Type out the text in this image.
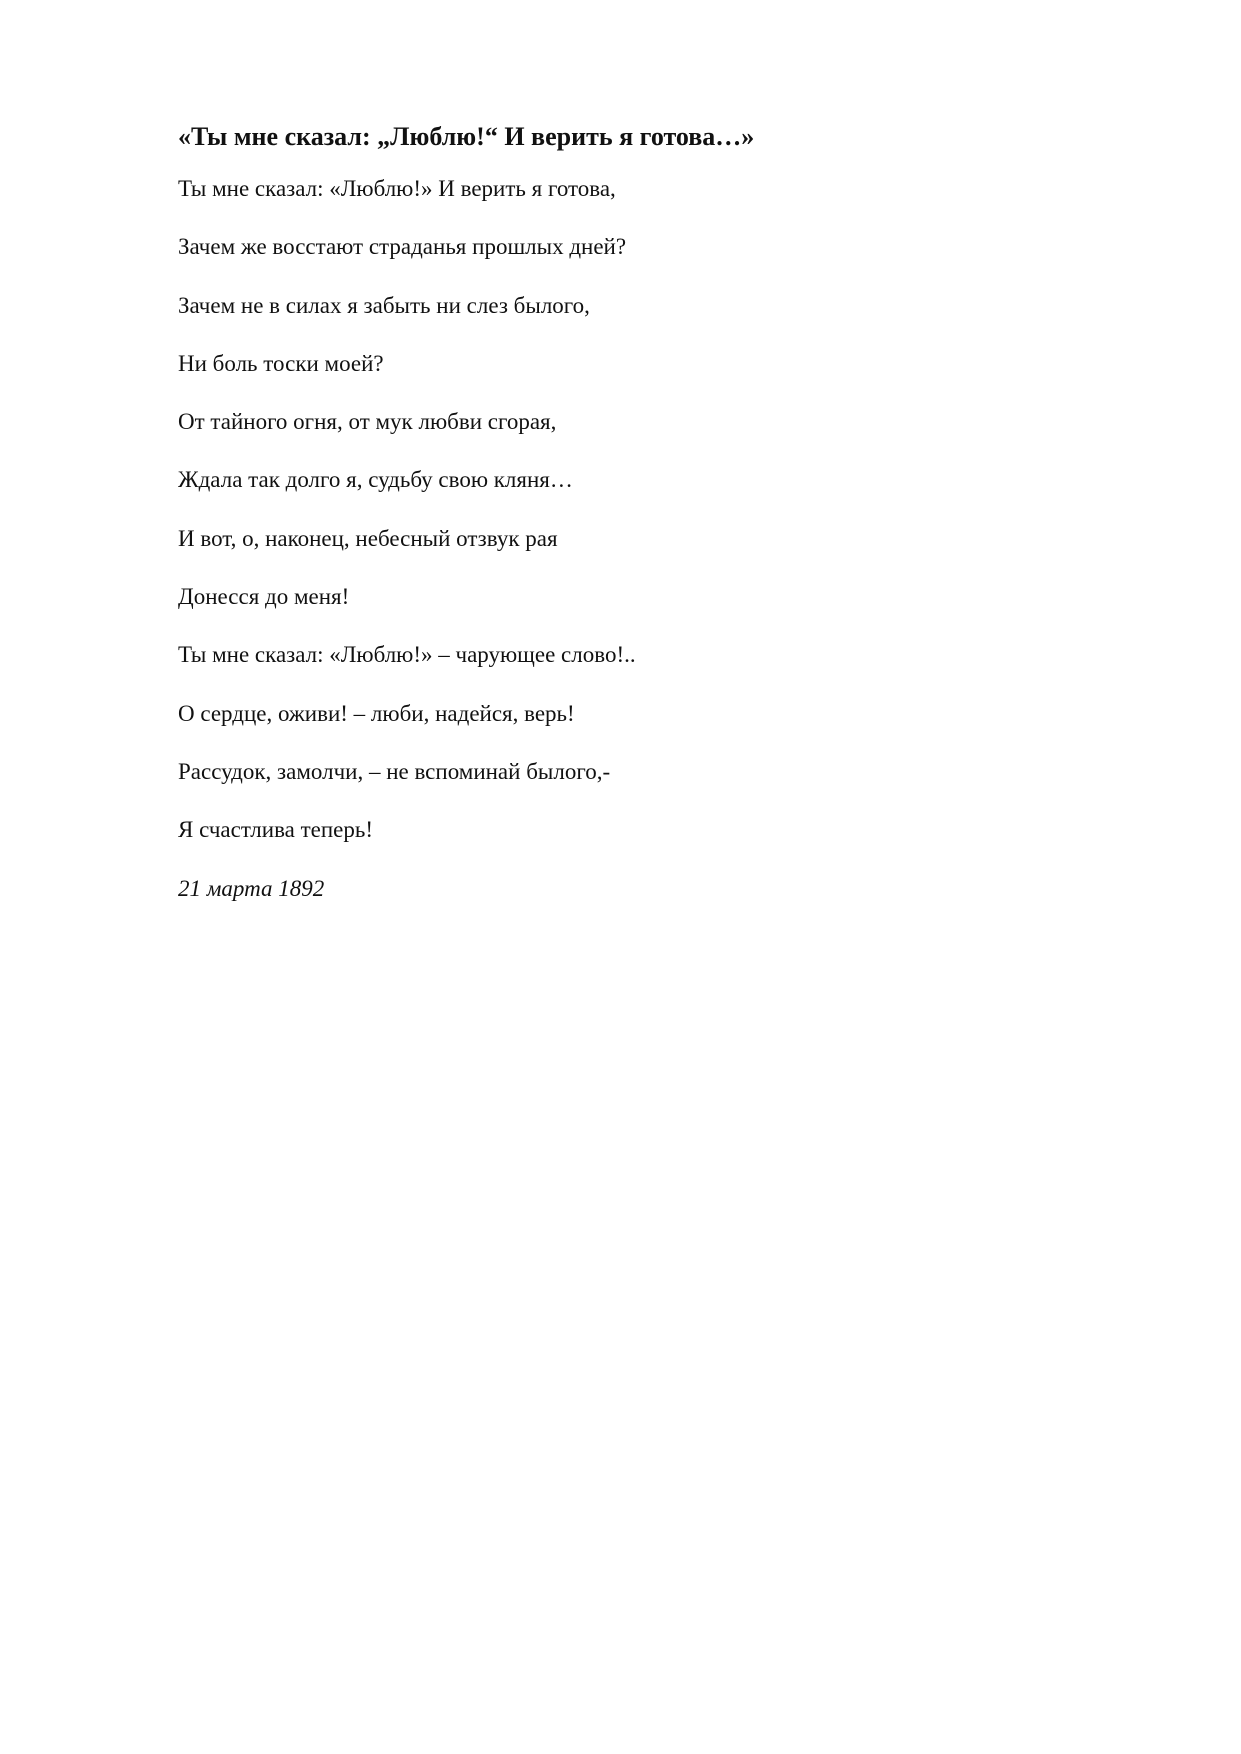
«Ты мне сказал: „Люблю!“ И верить я готова…»
Ты мне сказал: «Люблю!» И верить я готова,
Зачем же восстают страданья прошлых дней?
Зачем не в силах я забыть ни слез былого,
Ни боль тоски моей?
От тайного огня, от мук любви сгорая,
Ждала так долго я, судьбу свою кляня…
И вот, о, наконец, небесный отзвук рая
Донесся до меня!
Ты мне сказал: «Люблю!» – чарующее слово!..
О сердце, оживи! – люби, надейся, верь!
Рассудок, замолчи, – не вспоминай былого,-
Я счастлива теперь!
21 марта 1892
